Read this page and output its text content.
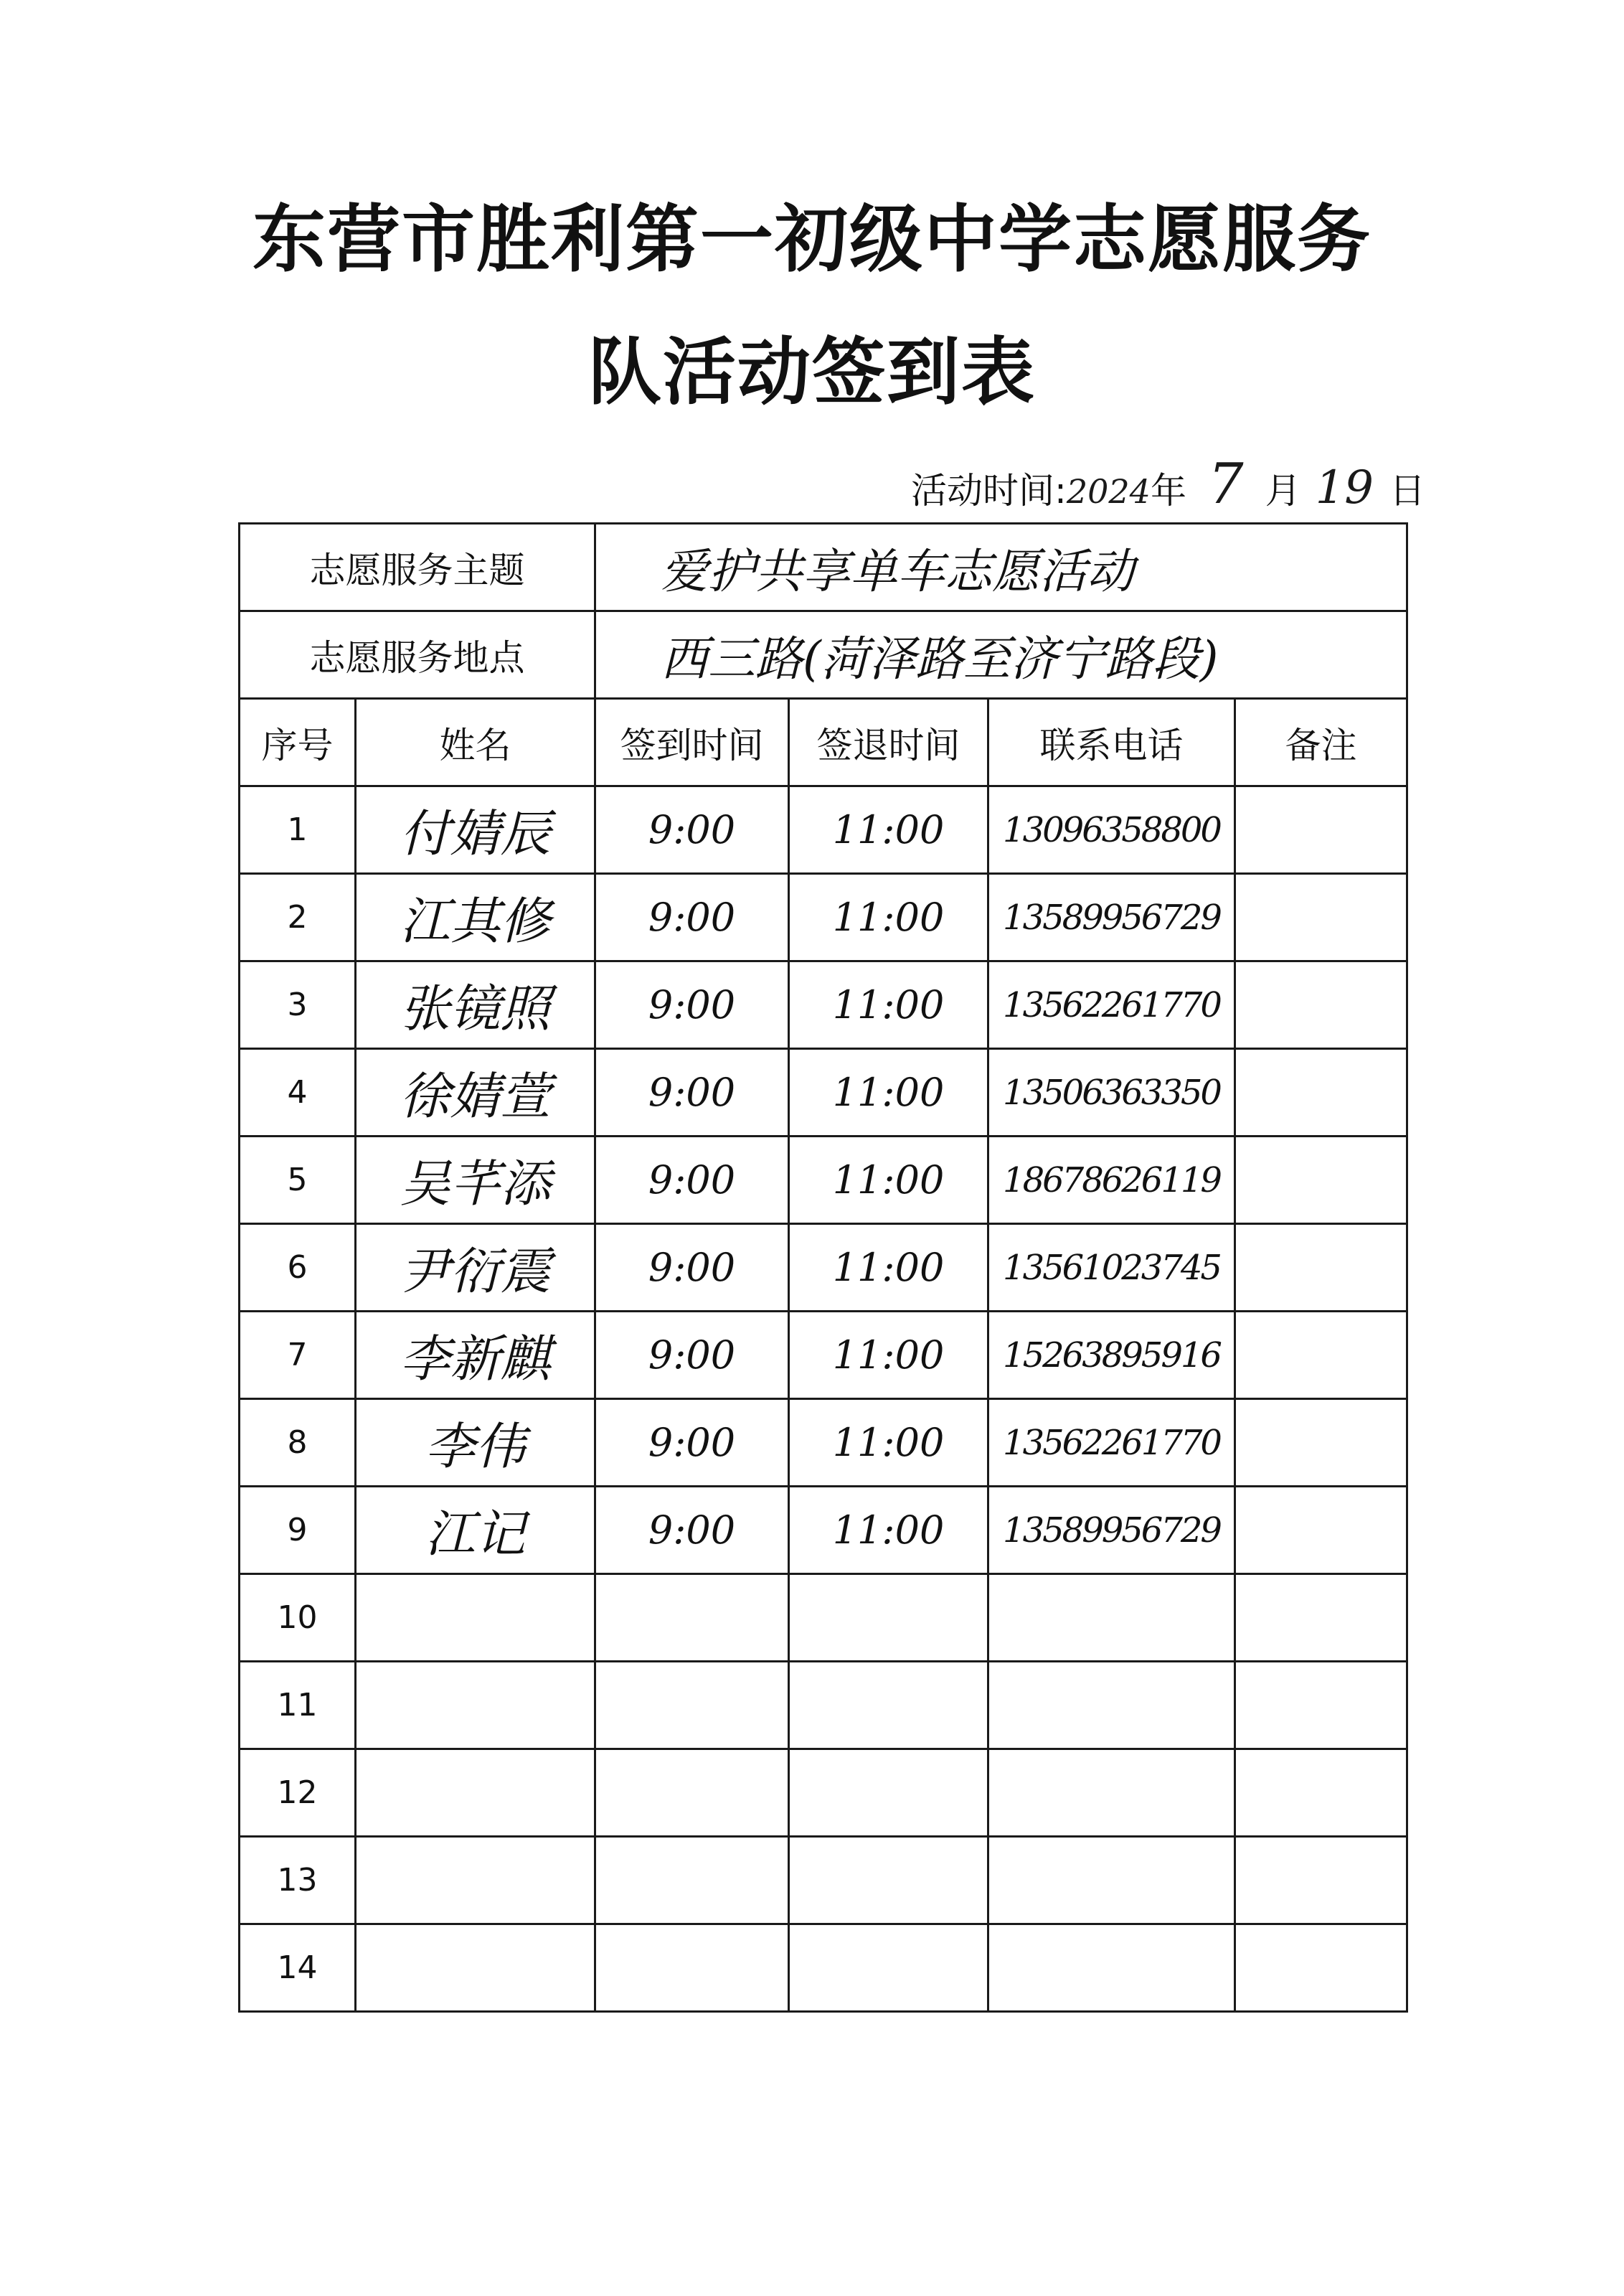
东营市胜利第一初级中学志愿服务
队活动签到表
活动时间:2024年 7 月 19 日
志愿服务主题		爱护共享单车志愿活动			
志愿服务地点		西三路(菏泽路至济宁路段)			
序号	姓名	签到时间	签退时间	联系电话	备注
1	付婧辰	9:00	11:00	13096358800	
2	江其修	9:00	11:00	13589956729	
3	张镜照	9:00	11:00	13562261770	
4	徐婧萱	9:00	11:00	13506363350	
5	吴芊添	9:00	11:00	18678626119	
6	尹衍震	9:00	11:00	13561023745	
7	李新麒	9:00	11:00	15263895916	
8	李伟	9:00	11:00	13562261770	
9	江记	9:00	11:00	13589956729	
10					
11					
12					
13					
14					
